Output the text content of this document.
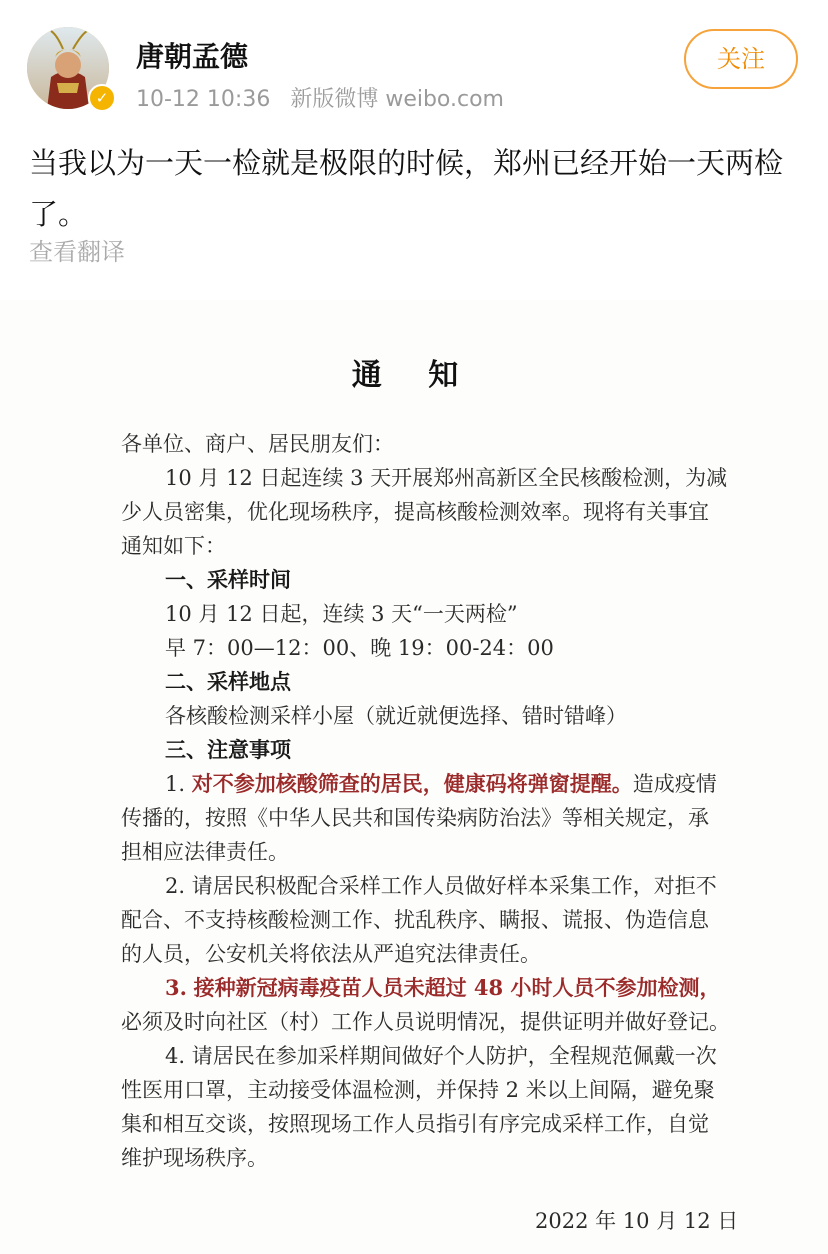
✓
唐朝孟德
10-12 10:36 新版微博 weibo.com
关注
当我以为一天一检就是极限的时候，郑州已经开始一天两检了。
查看翻译
通 知
各单位、商户、居民朋友们：
10 月 12 日起连续 3 天开展郑州高新区全民核酸检测，为减
少人员密集，优化现场秩序，提高核酸检测效率。现将有关事宜
通知如下：
一、采样时间
10 月 12 日起，连续 3 天“一天两检”
早 7：00—12：00、晚 19：00-24：00
二、采样地点
各核酸检测采样小屋（就近就便选择、错时错峰）
三、注意事项
1. 对不参加核酸筛查的居民，健康码将弹窗提醒。造成疫情
传播的，按照《中华人民共和国传染病防治法》等相关规定，承
担相应法律责任。
2. 请居民积极配合采样工作人员做好样本采集工作，对拒不
配合、不支持核酸检测工作、扰乱秩序、瞒报、谎报、伪造信息
的人员，公安机关将依法从严追究法律责任。
3. 接种新冠病毒疫苗人员未超过 48 小时人员不参加检测，
必须及时向社区（村）工作人员说明情况，提供证明并做好登记。
4. 请居民在参加采样期间做好个人防护，全程规范佩戴一次
性医用口罩，主动接受体温检测，并保持 2 米以上间隔，避免聚
集和相互交谈，按照现场工作人员指引有序完成采样工作，自觉
维护现场秩序。
2022 年 10 月 12 日
